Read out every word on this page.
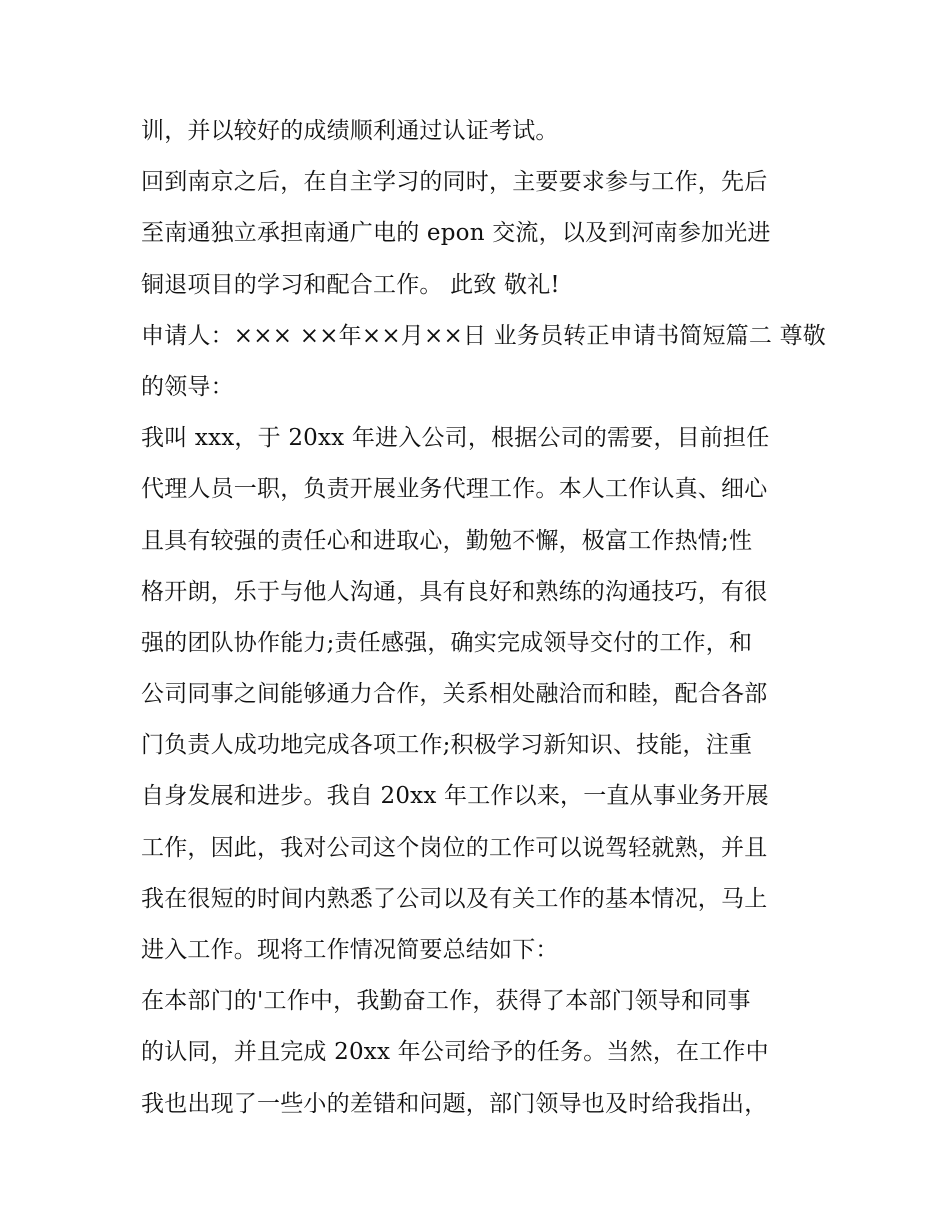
训，并以较好的成绩顺利通过认证考试。
回到南京之后，在自主学习的同时，主要要求参与工作，先后
至南通独立承担南通广电的 epon 交流，以及到河南参加光进
铜退项目的学习和配合工作。 此致 敬礼!
申请人：××× ××年××月××日 业务员转正申请书简短篇二 尊敬
的领导：
我叫 xxx，于 20xx 年进入公司，根据公司的需要，目前担任
代理人员一职，负责开展业务代理工作。本人工作认真、细心
且具有较强的责任心和进取心，勤勉不懈，极富工作热情;性
格开朗，乐于与他人沟通，具有良好和熟练的沟通技巧，有很
强的团队协作能力;责任感强，确实完成领导交付的工作，和
公司同事之间能够通力合作，关系相处融洽而和睦，配合各部
门负责人成功地完成各项工作;积极学习新知识、技能，注重
自身发展和进步。我自 20xx 年工作以来，一直从事业务开展
工作，因此，我对公司这个岗位的工作可以说驾轻就熟，并且
我在很短的时间内熟悉了公司以及有关工作的基本情况，马上
进入工作。现将工作情况简要总结如下：
在本部门的'工作中，我勤奋工作，获得了本部门领导和同事
的认同，并且完成 20xx 年公司给予的任务。当然，在工作中
我也出现了一些小的差错和问题，部门领导也及时给我指出，
